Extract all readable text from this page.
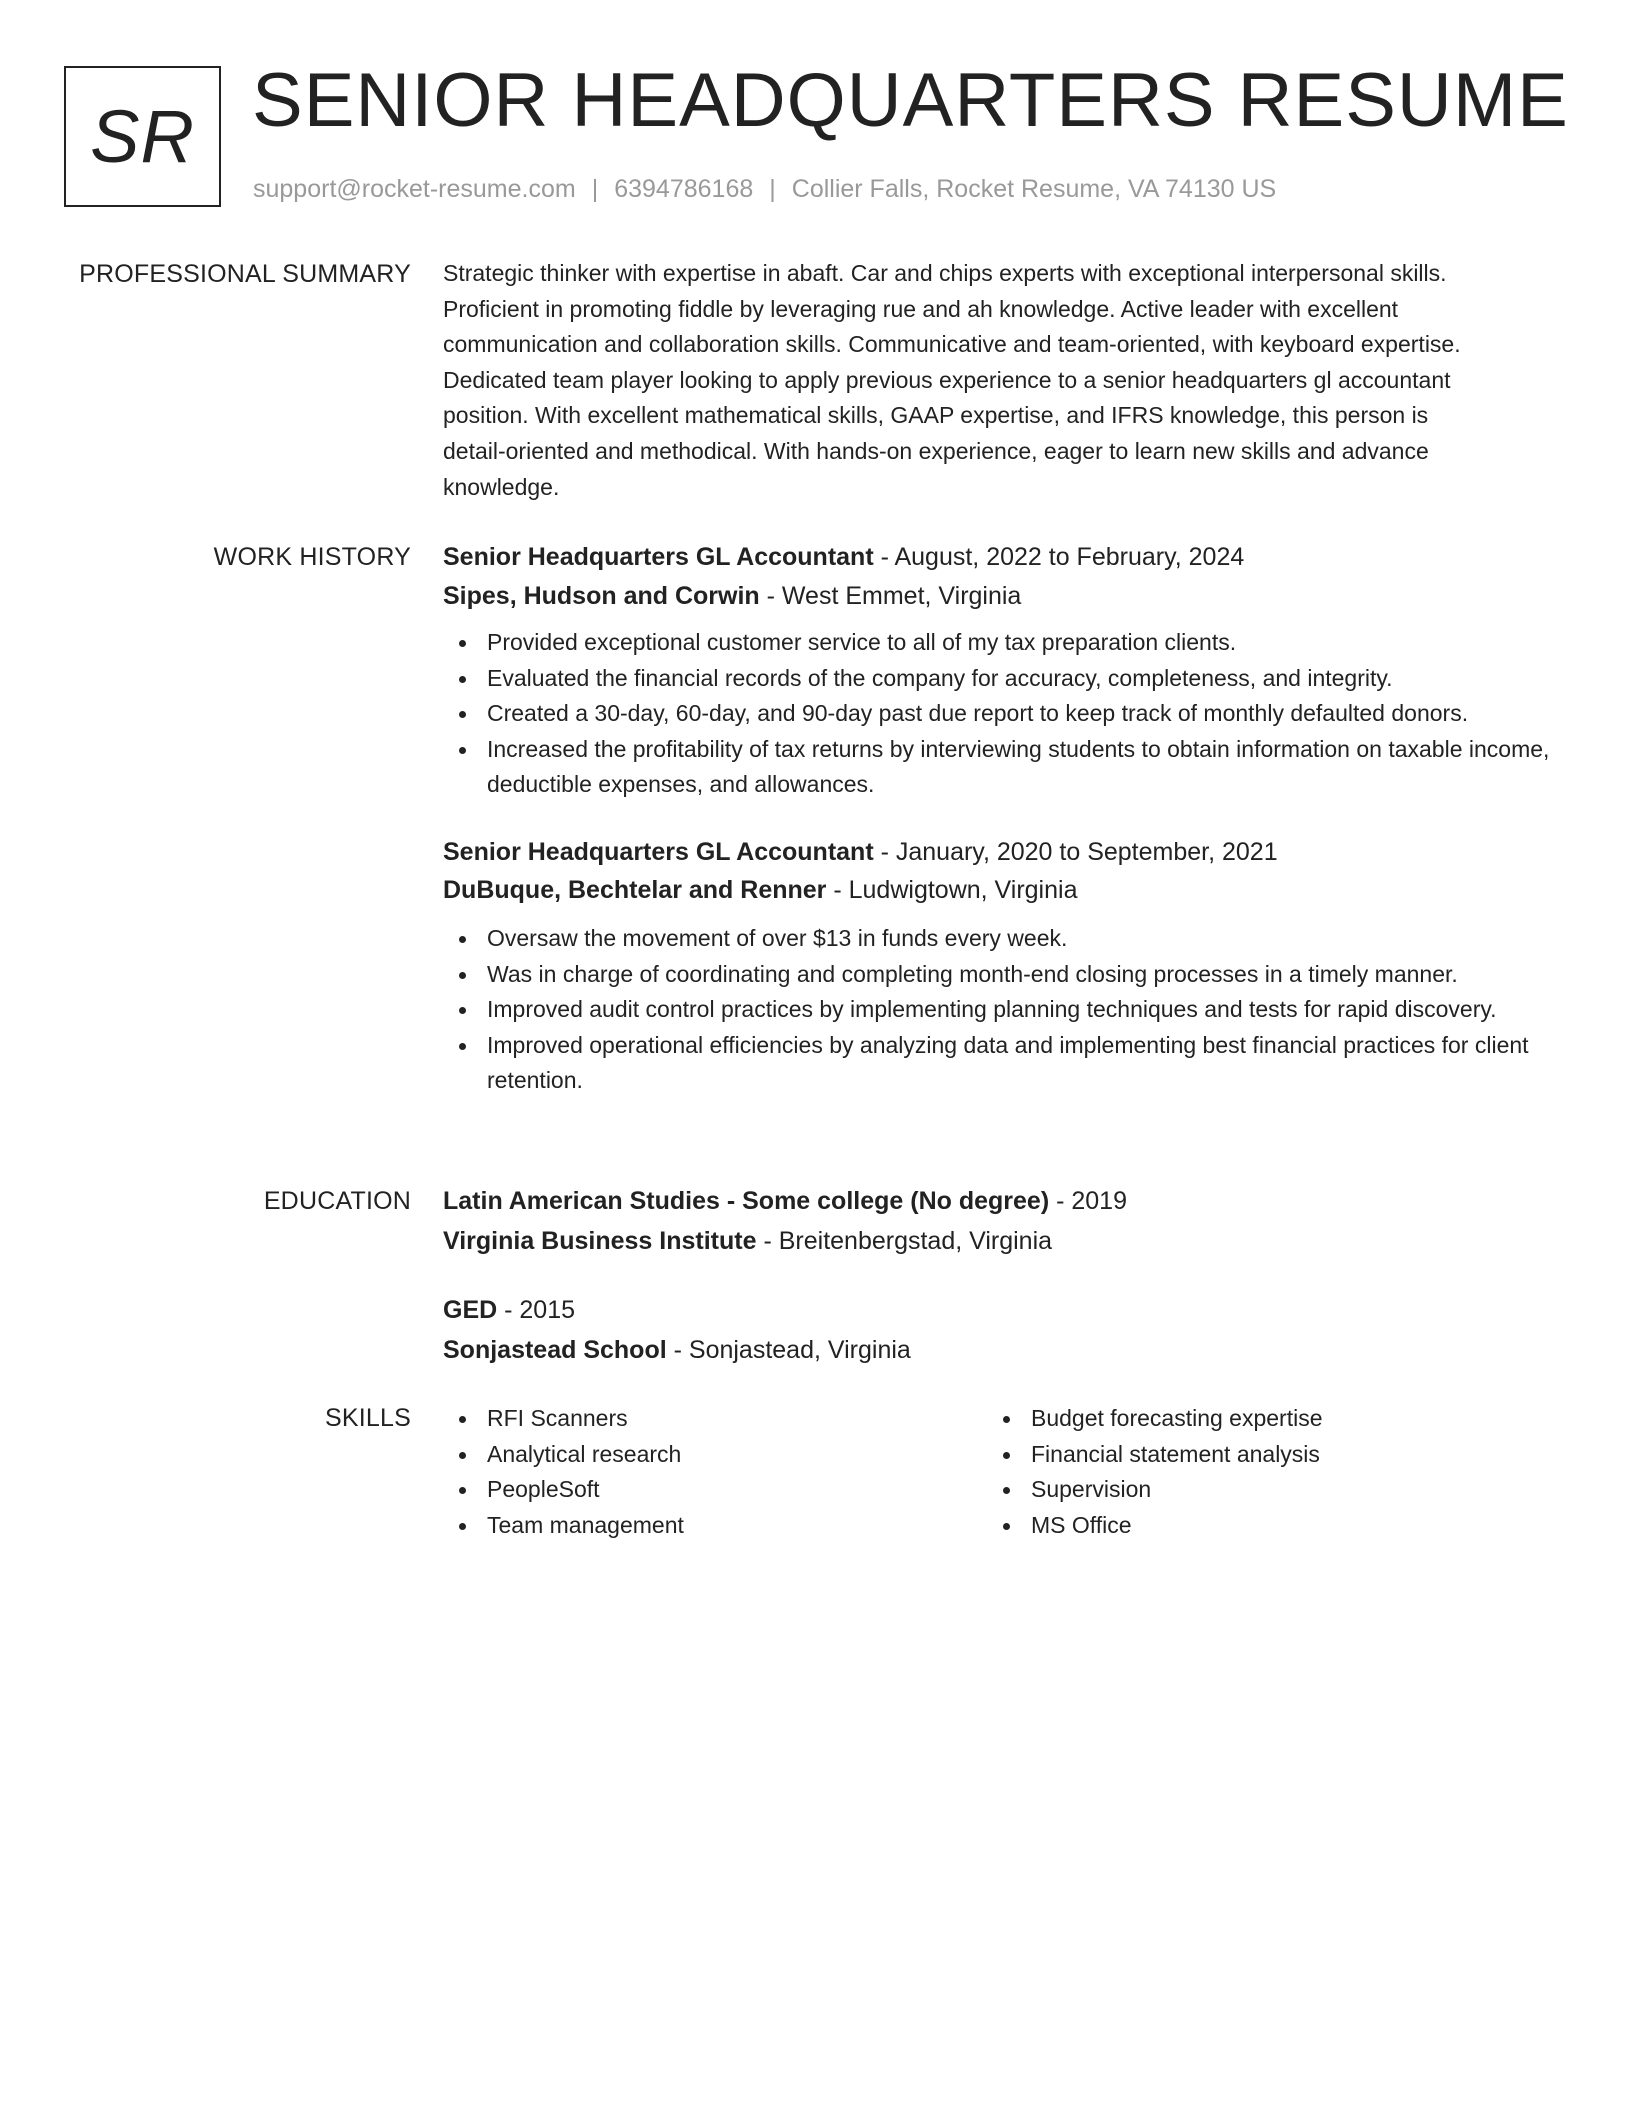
SR SENIOR HEADQUARTERS RESUME
support@rocket-resume.com | 6394786168 | Collier Falls, Rocket Resume, VA 74130 US
PROFESSIONAL SUMMARY Strategic thinker with expertise in abaft. Car and chips experts with exceptional interpersonal skills.
Proficient in promoting fiddle by leveraging rue and ah knowledge. Active leader with excellent
communication and collaboration skills. Communicative and team-oriented, with keyboard expertise.
Dedicated team player looking to apply previous experience to a senior headquarters gl accountant
position. With excellent mathematical skills, GAAP expertise, and IFRS knowledge, this person is
detail-oriented and methodical. With hands-on experience, eager to learn new skills and advance
knowledge.

WORK HISTORY Senior Headquarters GL Accountant - August, 2022 to February, 2024
Sipes, Hudson and Corwin - West Emmet, Virginia
Provided exceptional customer service to all of my tax preparation clients.
Evaluated the financial records of the company for accuracy, completeness, and integrity.
Created a 30-day, 60-day, and 90-day past due report to keep track of monthly defaulted donors.
Increased the profitability of tax returns by interviewing students to obtain information on taxable income, deductible expenses, and allowances.
Senior Headquarters GL Accountant - January, 2020 to September, 2021
DuBuque, Bechtelar and Renner - Ludwigtown, Virginia
Oversaw the movement of over $13 in funds every week.
Was in charge of coordinating and completing month-end closing processes in a timely manner.
Improved audit control practices by implementing planning techniques and tests for rapid discovery.
Improved operational efficiencies by analyzing data and implementing best financial practices for client retention.
EDUCATION Latin American Studies - Some college (No degree) - 2019
Virginia Business Institute - Breitenbergstad, Virginia
GED - 2015
Sonjastead School - Sonjastead, Virginia
SKILLS	RFI Scanners
Analytical research
PeopleSoft
Team management
Budget forecasting expertise
Financial statement analysis
Supervision
MS Office
